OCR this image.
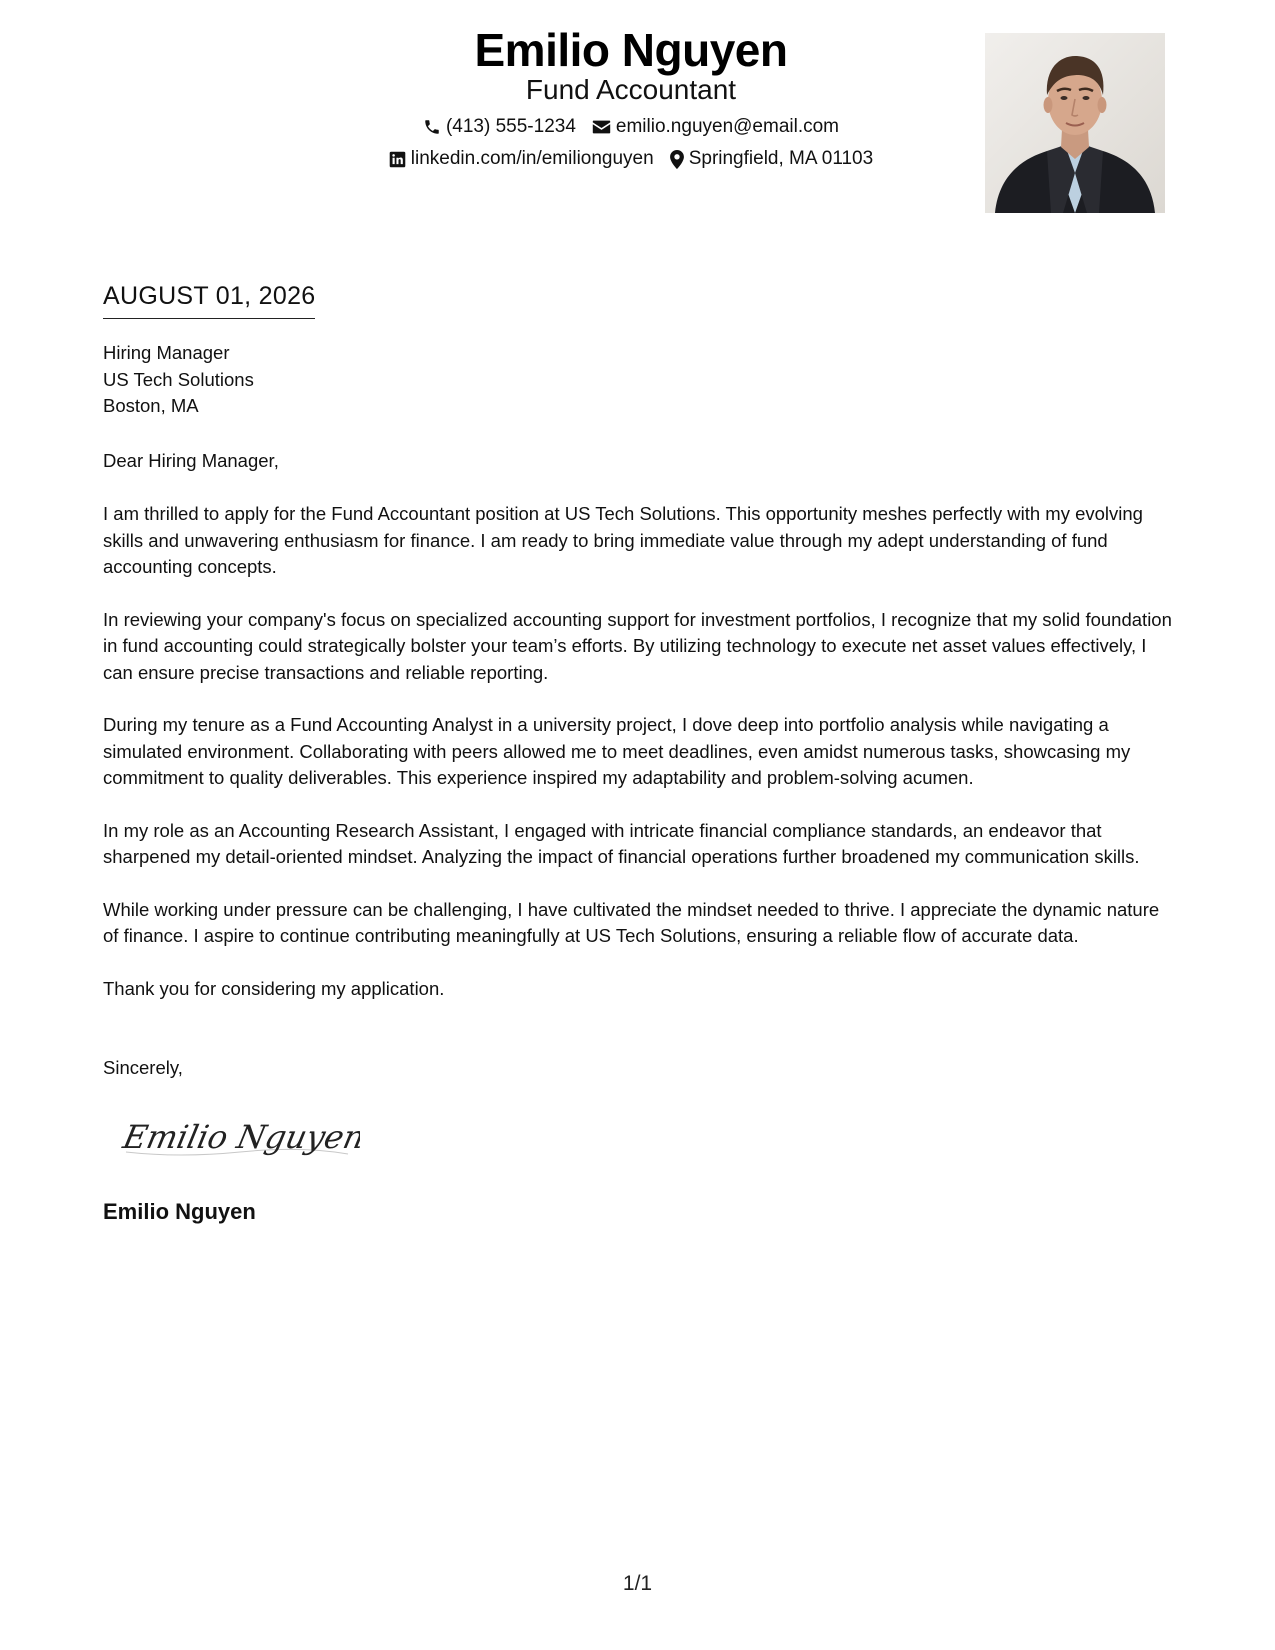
Emilio Nguyen
Fund Accountant
(413) 555-1234 emilio.nguyen@email.com
linkedin.com/in/emilionguyen Springfield, MA 01103
AUGUST 01, 2026
Hiring Manager
US Tech Solutions
Boston, MA
Dear Hiring Manager,

I am thrilled to apply for the Fund Accountant position at US Tech Solutions. This opportunity meshes perfectly with my evolving skills and unwavering enthusiasm for finance. I am ready to bring immediate value through my adept understanding of fund accounting concepts.

In reviewing your company's focus on specialized accounting support for investment portfolios, I recognize that my solid foundation in fund accounting could strategically bolster your team’s efforts. By utilizing technology to execute net asset values effectively, I can ensure precise transactions and reliable reporting.

During my tenure as a Fund Accounting Analyst in a university project, I dove deep into portfolio analysis while navigating a simulated environment. Collaborating with peers allowed me to meet deadlines, even amidst numerous tasks, showcasing my commitment to quality deliverables. This experience inspired my adaptability and problem-solving acumen.

In my role as an Accounting Research Assistant, I engaged with intricate financial compliance standards, an endeavor that sharpened my detail-oriented mindset. Analyzing the impact of financial operations further broadened my communication skills.

While working under pressure can be challenging, I have cultivated the mindset needed to thrive. I appreciate the dynamic nature of finance. I aspire to continue contributing meaningfully at US Tech Solutions, ensuring a reliable flow of accurate data.

Thank you for considering my application.

Sincerely,
Emilio Nguyen
Emilio Nguyen
1/1
